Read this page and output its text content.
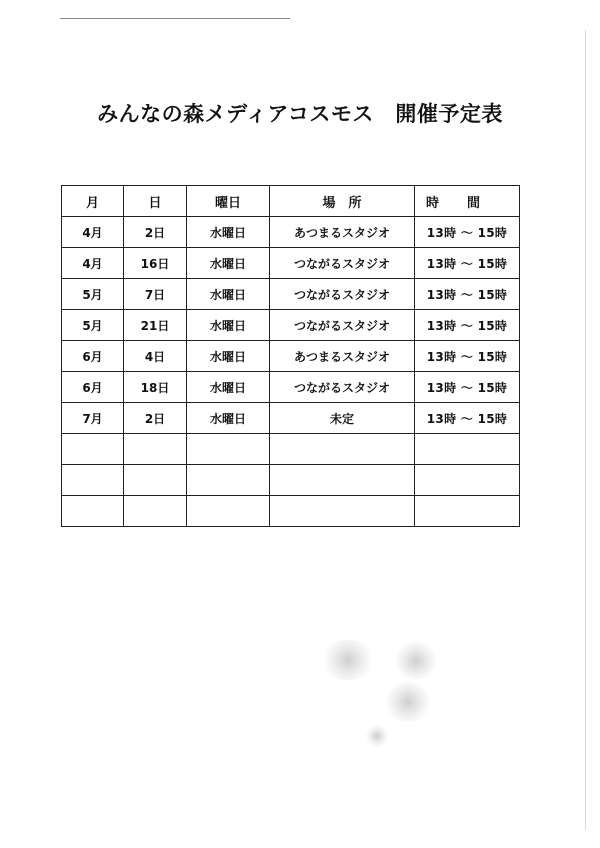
みんなの森メディアコスモス　開催予定表
月	日	曜日	場　所	時間
4月	2日	水曜日	あつまるスタジオ	13時 ～ 15時
4月	16日	水曜日	つながるスタジオ	13時 ～ 15時
5月	7日	水曜日	つながるスタジオ	13時 ～ 15時
5月	21日	水曜日	つながるスタジオ	13時 ～ 15時
6月	4日	水曜日	あつまるスタジオ	13時 ～ 15時
6月	18日	水曜日	つながるスタジオ	13時 ～ 15時
7月	2日	水曜日	未定	13時 ～ 15時
